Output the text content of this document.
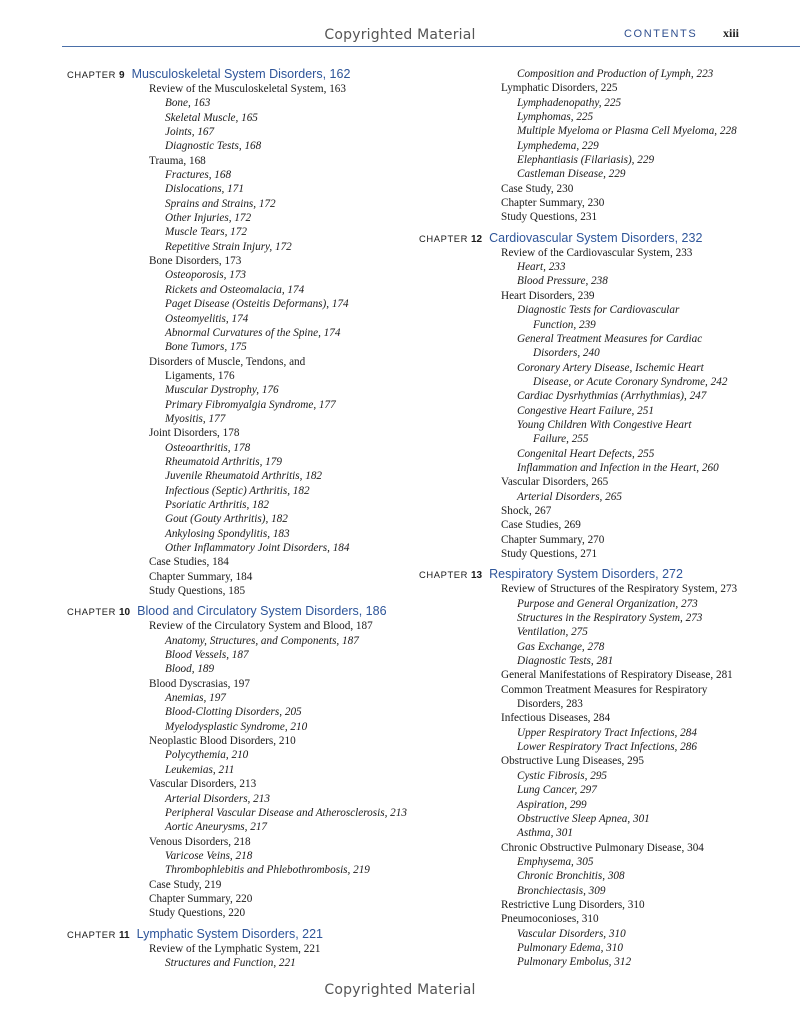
Copyrighted Material	CONTENTS xiii
CHAPTER 9 Musculoskeletal System Disorders, 162
Review of the Musculoskeletal System, 163
Bone, 163
Skeletal Muscle, 165
Joints, 167
Diagnostic Tests, 168
Trauma, 168
Fractures, 168
Dislocations, 171
Sprains and Strains, 172
Other Injuries, 172
Muscle Tears, 172
Repetitive Strain Injury, 172
Bone Disorders, 173
Osteoporosis, 173
Rickets and Osteomalacia, 174
Paget Disease (Osteitis Deformans), 174
Osteomyelitis, 174
Abnormal Curvatures of the Spine, 174
Bone Tumors, 175
Disorders of Muscle, Tendons, and
Ligaments, 176
Muscular Dystrophy, 176
Primary Fibromyalgia Syndrome, 177
Myositis, 177
Joint Disorders, 178
Osteoarthritis, 178
Rheumatoid Arthritis, 179
Juvenile Rheumatoid Arthritis, 182
Infectious (Septic) Arthritis, 182
Psoriatic Arthritis, 182
Gout (Gouty Arthritis), 182
Ankylosing Spondylitis, 183
Other Inflammatory Joint Disorders, 184
Case Studies, 184
Chapter Summary, 184
Study Questions, 185
CHAPTER 10 Blood and Circulatory System Disorders, 186
Review of the Circulatory System and Blood, 187
Anatomy, Structures, and Components, 187
Blood Vessels, 187
Blood, 189
Blood Dyscrasias, 197
Anemias, 197
Blood-Clotting Disorders, 205
Myelodysplastic Syndrome, 210
Neoplastic Blood Disorders, 210
Polycythemia, 210
Leukemias, 211
Vascular Disorders, 213
Arterial Disorders, 213
Peripheral Vascular Disease and Atherosclerosis, 213
Aortic Aneurysms, 217
Venous Disorders, 218
Varicose Veins, 218
Thrombophlebitis and Phlebothrombosis, 219
Case Study, 219
Chapter Summary, 220
Study Questions, 220
CHAPTER 11 Lymphatic System Disorders, 221
Review of the Lymphatic System, 221
Structures and Function, 221
Composition and Production of Lymph, 223
Lymphatic Disorders, 225
Lymphadenopathy, 225
Lymphomas, 225
Multiple Myeloma or Plasma Cell Myeloma, 228
Lymphedema, 229
Elephantiasis (Filariasis), 229
Castleman Disease, 229
Case Study, 230
Chapter Summary, 230
Study Questions, 231
CHAPTER 12 Cardiovascular System Disorders, 232
Review of the Cardiovascular System, 233
Heart, 233
Blood Pressure, 238
Heart Disorders, 239
Diagnostic Tests for Cardiovascular
Function, 239
General Treatment Measures for Cardiac
Disorders, 240
Coronary Artery Disease, Ischemic Heart
Disease, or Acute Coronary Syndrome, 242
Cardiac Dysrhythmias (Arrhythmias), 247
Congestive Heart Failure, 251
Young Children With Congestive Heart
Failure, 255
Congenital Heart Defects, 255
Inflammation and Infection in the Heart, 260
Vascular Disorders, 265
Arterial Disorders, 265
Shock, 267
Case Studies, 269
Chapter Summary, 270
Study Questions, 271
CHAPTER 13 Respiratory System Disorders, 272
Review of Structures of the Respiratory System, 273
Purpose and General Organization, 273
Structures in the Respiratory System, 273
Ventilation, 275
Gas Exchange, 278
Diagnostic Tests, 281
General Manifestations of Respiratory Disease, 281
Common Treatment Measures for Respiratory
Disorders, 283
Infectious Diseases, 284
Upper Respiratory Tract Infections, 284
Lower Respiratory Tract Infections, 286
Obstructive Lung Diseases, 295
Cystic Fibrosis, 295
Lung Cancer, 297
Aspiration, 299
Obstructive Sleep Apnea, 301
Asthma, 301
Chronic Obstructive Pulmonary Disease, 304
Emphysema, 305
Chronic Bronchitis, 308
Bronchiectasis, 309
Restrictive Lung Disorders, 310
Pneumoconioses, 310
Vascular Disorders, 310
Pulmonary Edema, 310
Pulmonary Embolus, 312
Copyrighted Material
